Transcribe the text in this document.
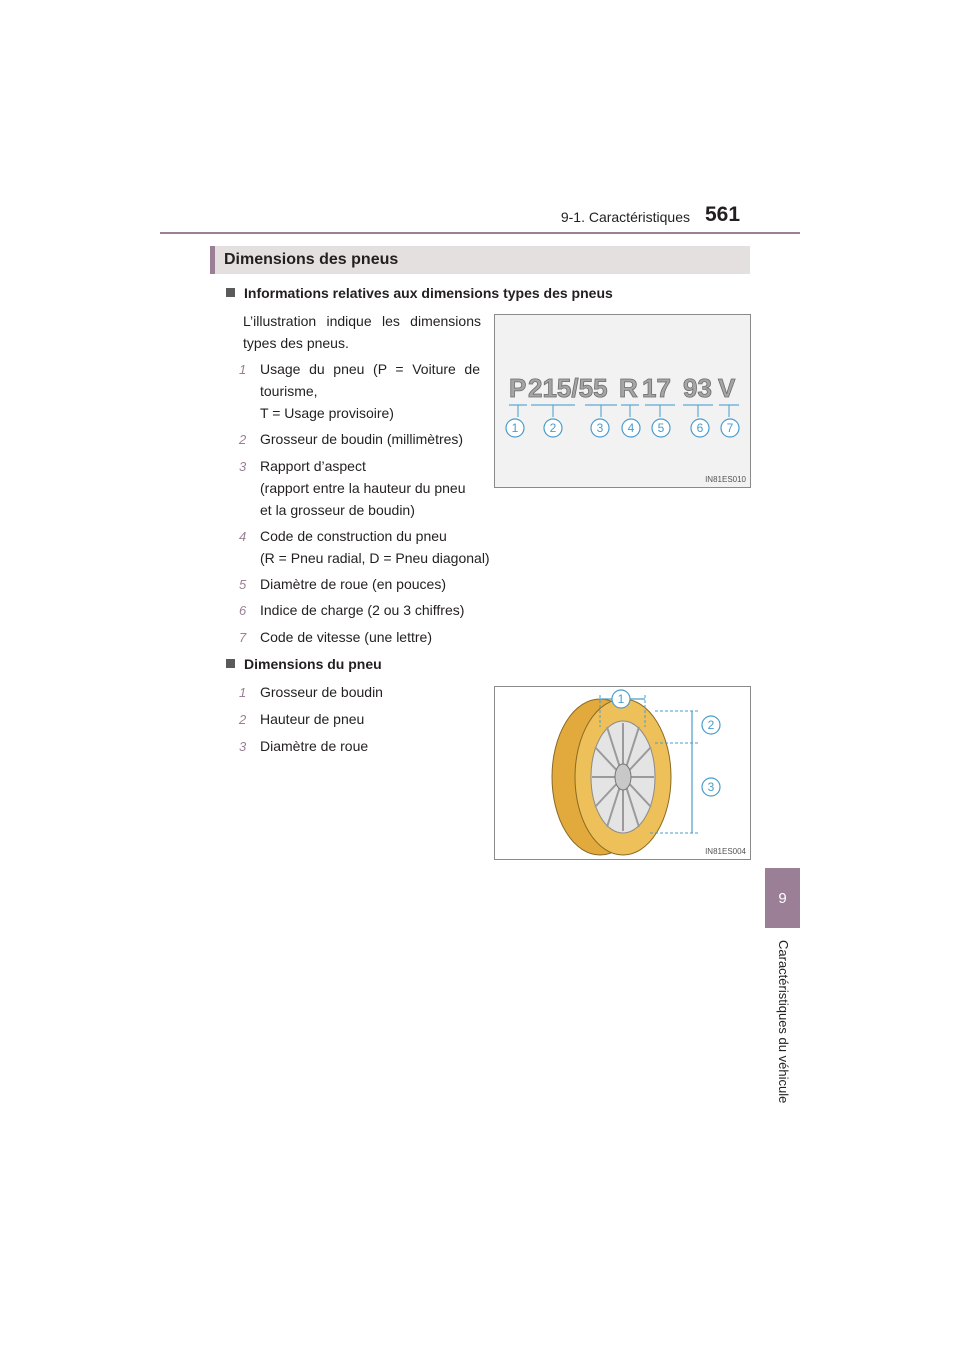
9-1. Caractéristiques 561
9
Caractéristiques du véhicule
Dimensions des pneus
Informations relatives aux dimensions types des pneus
L’illustration indique les dimensions
types des pneus.
1
2
3
4
5
6
7
Usage du pneu (P = Voiture de
tourisme,
T = Usage provisoire)
Grosseur de boudin (millimètres)
Rapport d’aspect
(rapport entre la hauteur du pneu
et la grosseur de boudin)
Code de construction du pneu
(R = Pneu radial, D = Pneu diagonal)
Diamètre de roue (en pouces)
Indice de charge (2 ou 3 chiffres)
Code de vitesse (une lettre)
P 215/55 R 17 93 V
1	2	3 4 5	6 7
IN81ES010
Dimensions du pneu
1
2
3
Grosseur de boudin
Hauteur de pneu
Diamètre de roue
1
2
3
IN81ES004
